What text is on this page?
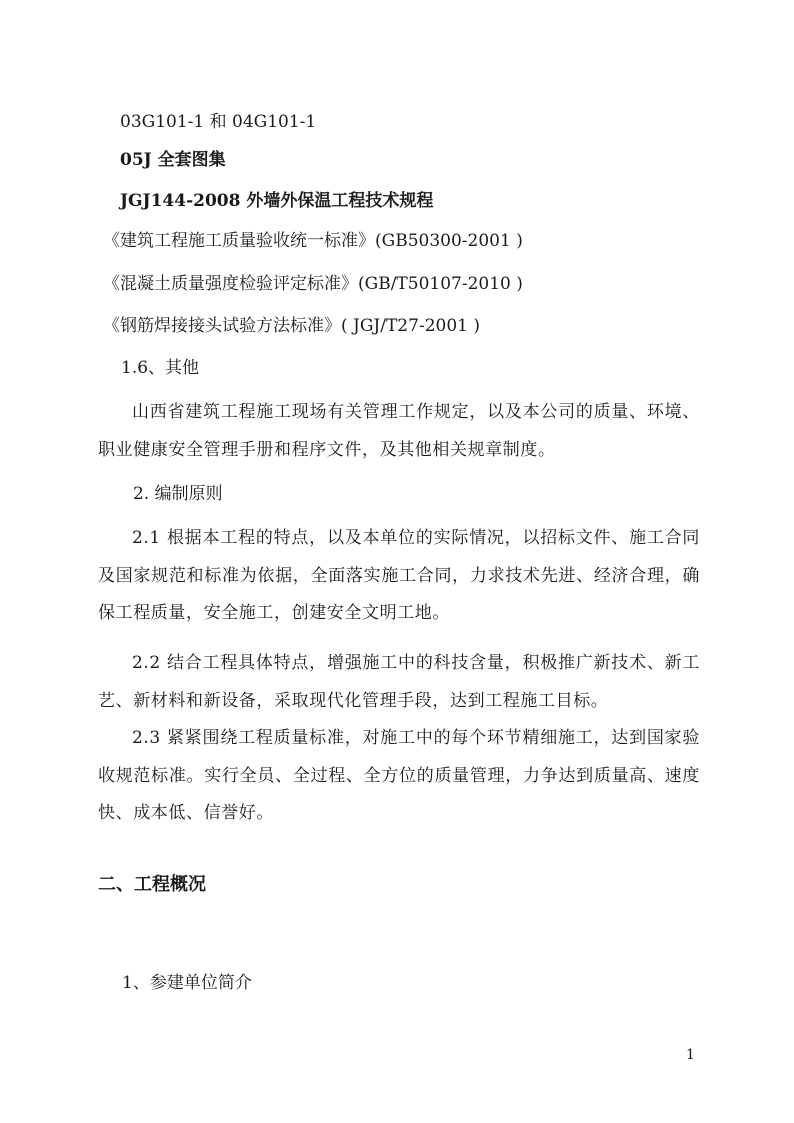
03G101-1 和 04G101-1

05J 全套图集

JGJ144-2008 外墙外保温工程技术规程

《建筑工程施工质量验收统一标准》(GB50300-2001 )

《混凝土质量强度检验评定标准》(GB/T50107-2010 )

《钢筋焊接接头试验方法标准》( JGJ/T27-2001 )

1.6、其他

山西省建筑工程施工现场有关管理工作规定，以及本公司的质量、环境、职业健康安全管理手册和程序文件，及其他相关规章制度。

2. 编制原则

2.1 根据本工程的特点，以及本单位的实际情况，以招标文件、施工合同及国家规范和标准为依据，全面落实施工合同，力求技术先进、经济合理，确保工程质量，安全施工，创建安全文明工地。

2.2 结合工程具体特点，增强施工中的科技含量，积极推广新技术、新工艺、新材料和新设备，采取现代化管理手段，达到工程施工目标。

2.3 紧紧围绕工程质量标准，对施工中的每个环节精细施工，达到国家验收规范标准。实行全员、全过程、全方位的质量管理，力争达到质量高、速度快、成本低、信誉好。

二、工程概况

1、参建单位简介

1
